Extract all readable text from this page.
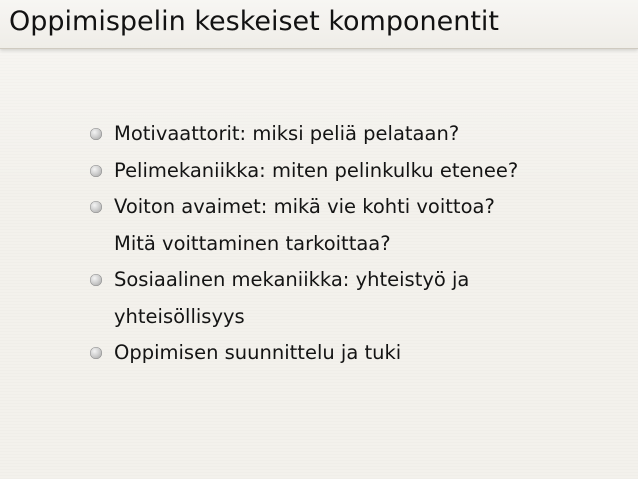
Oppimispelin keskeiset komponentit
Motivaattorit: miksi peliä pelataan?
Pelimekaniikka: miten pelinkulku etenee?
Voiton avaimet: mikä vie kohti voittoa?
Mitä voittaminen tarkoittaa?
Sosiaalinen mekaniikka: yhteistyö ja
yhteisöllisyys
Oppimisen suunnittelu ja tuki
